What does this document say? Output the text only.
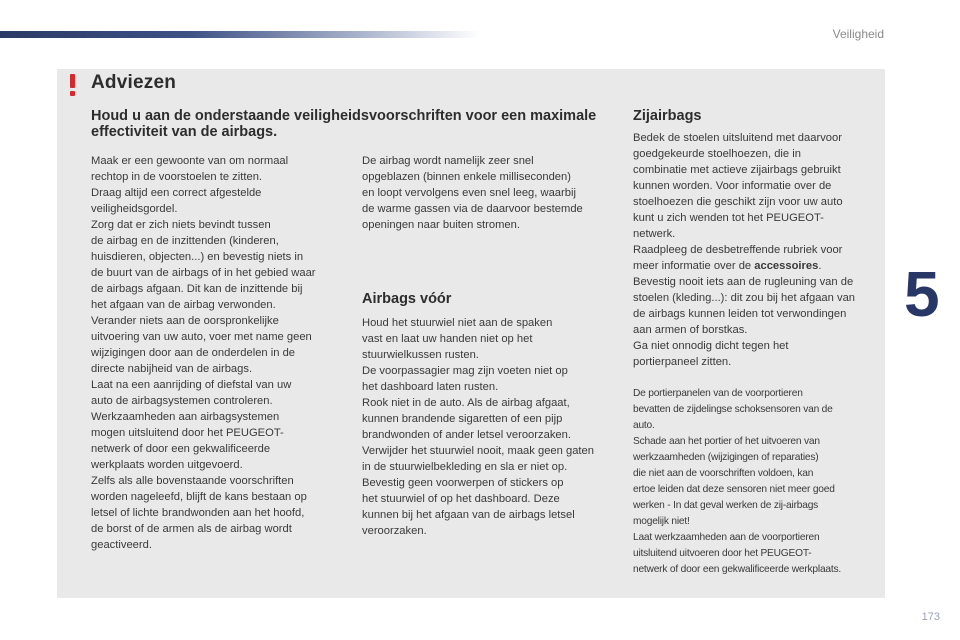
Veiligheid
5
Adviezen
Houd u aan de onderstaande veiligheidsvoorschriften voor een maximale effectiviteit van de airbags.
Maak er een gewoonte van om normaal
rechtop in de voorstoelen te zitten.
Draag altijd een correct afgestelde
veiligheidsgordel.
Zorg dat er zich niets bevindt tussen
de airbag en de inzittenden (kinderen,
huisdieren, objecten...) en bevestig niets in
de buurt van de airbags of in het gebied waar
de airbags afgaan. Dit kan de inzittende bij
het afgaan van de airbag verwonden.
Verander niets aan de oorspronkelijke
uitvoering van uw auto, voer met name geen
wijzigingen door aan de onderdelen in de
directe nabijheid van de airbags.
Laat na een aanrijding of diefstal van uw
auto de airbagsystemen controleren.
Werkzaamheden aan airbagsystemen
mogen uitsluitend door het PEUGEOT-
netwerk of door een gekwalificeerde
werkplaats worden uitgevoerd.
Zelfs als alle bovenstaande voorschriften
worden nageleefd, blijft de kans bestaan op
letsel of lichte brandwonden aan het hoofd,
de borst of de armen als de airbag wordt
geactiveerd.
De airbag wordt namelijk zeer snel
opgeblazen (binnen enkele milliseconden)
en loopt vervolgens even snel leeg, waarbij
de warme gassen via de daarvoor bestemde
openingen naar buiten stromen.
Airbags vóór
Houd het stuurwiel niet aan de spaken
vast en laat uw handen niet op het
stuurwielkussen rusten.
De voorpassagier mag zijn voeten niet op
het dashboard laten rusten.
Rook niet in de auto. Als de airbag afgaat,
kunnen brandende sigaretten of een pijp
brandwonden of ander letsel veroorzaken.
Verwijder het stuurwiel nooit, maak geen gaten
in de stuurwielbekleding en sla er niet op.
Bevestig geen voorwerpen of stickers op
het stuurwiel of op het dashboard. Deze
kunnen bij het afgaan van de airbags letsel
veroorzaken.
Zijairbags
Bedek de stoelen uitsluitend met daarvoor
goedgekeurde stoelhoezen, die in
combinatie met actieve zijairbags gebruikt
kunnen worden. Voor informatie over de
stoelhoezen die geschikt zijn voor uw auto
kunt u zich wenden tot het PEUGEOT-
netwerk.
Raadpleeg de desbetreffende rubriek voor
meer informatie over de accessoires.
Bevestig nooit iets aan de rugleuning van de
stoelen (kleding...): dit zou bij het afgaan van
de airbags kunnen leiden tot verwondingen
aan armen of borstkas.
Ga niet onnodig dicht tegen het
portierpaneel zitten.
De portierpanelen van de voorportieren
bevatten de zijdelingse schoksensoren van de
auto.
Schade aan het portier of het uitvoeren van
werkzaamheden (wijzigingen of reparaties)
die niet aan de voorschriften voldoen, kan
ertoe leiden dat deze sensoren niet meer goed
werken - In dat geval werken de zij-airbags
mogelijk niet!
Laat werkzaamheden aan de voorportieren
uitsluitend uitvoeren door het PEUGEOT-
netwerk of door een gekwalificeerde werkplaats.
173
